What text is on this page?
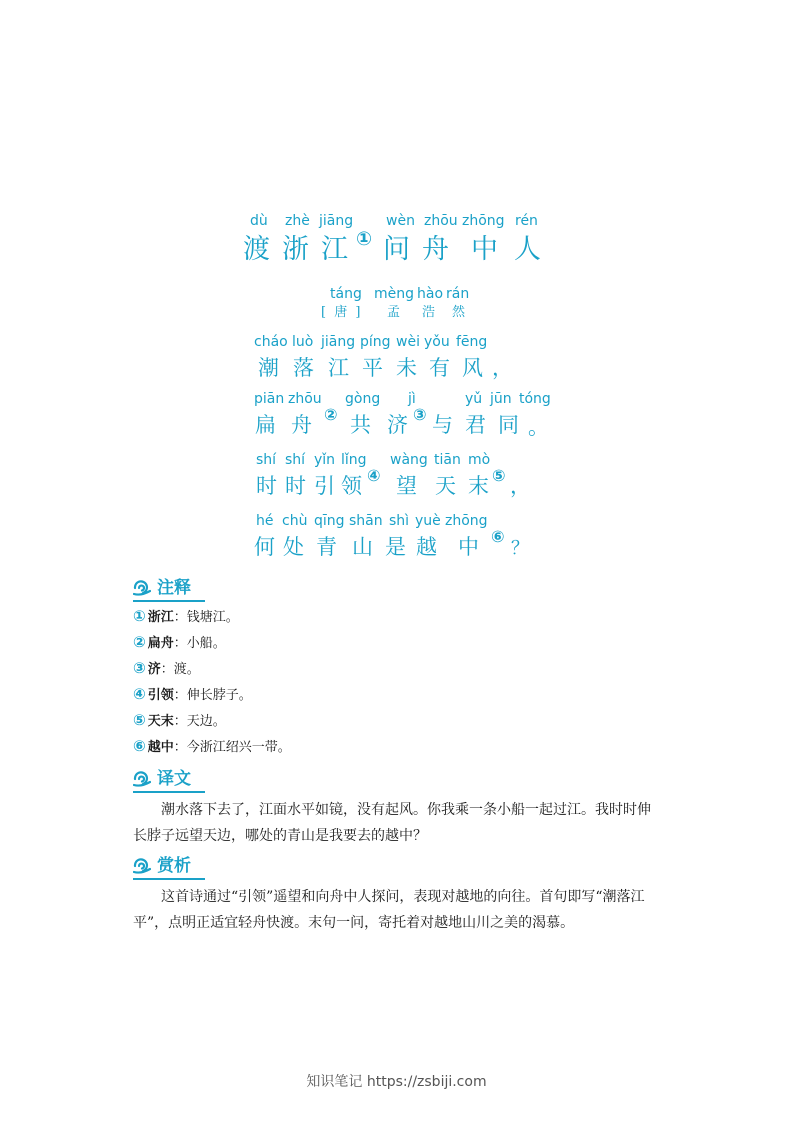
dù zhè jiāng wèn zhōu zhōng rén
渡 浙 江 ① 问 舟 中 人
táng mèng hào rán
[ 唐 ] 孟 浩 然
cháo luò jiāng píng wèi yǒu fēng
潮 落 江 平 未 有 风 ，
piān zhōu gòng jì	yǔ jūn tóng
扁 舟 ② 共 济 ③ 与 君 同 。
shí shí yǐn lǐng wàng tiān mò
时 时 引 领 ④ 望 天 末 ⑤ ，
hé chù qīng shān shì yuè zhōng
何 处 青 山 是 越 中 ⑥
？
注释
① 浙江：钱塘江。
② 扁舟：小船。
③ 济：渡。
④ 引领：伸长脖子。
⑤ 天末：天边。
⑥ 越中：今浙江绍兴一带。
译文
潮水落下去了，江面水平如镜，没有起风。你我乘一条小船一起过江。我时时伸长脖子远望天边，哪处的青山是我要去的越中？
赏析
这首诗通过“引领”遥望和向舟中人探问，表现对越地的向往。首句即写“潮落江平”，点明正适宜轻舟快渡。末句一问，寄托着对越地山川之美的渴慕。
知识笔记 https://zsbiji.com
